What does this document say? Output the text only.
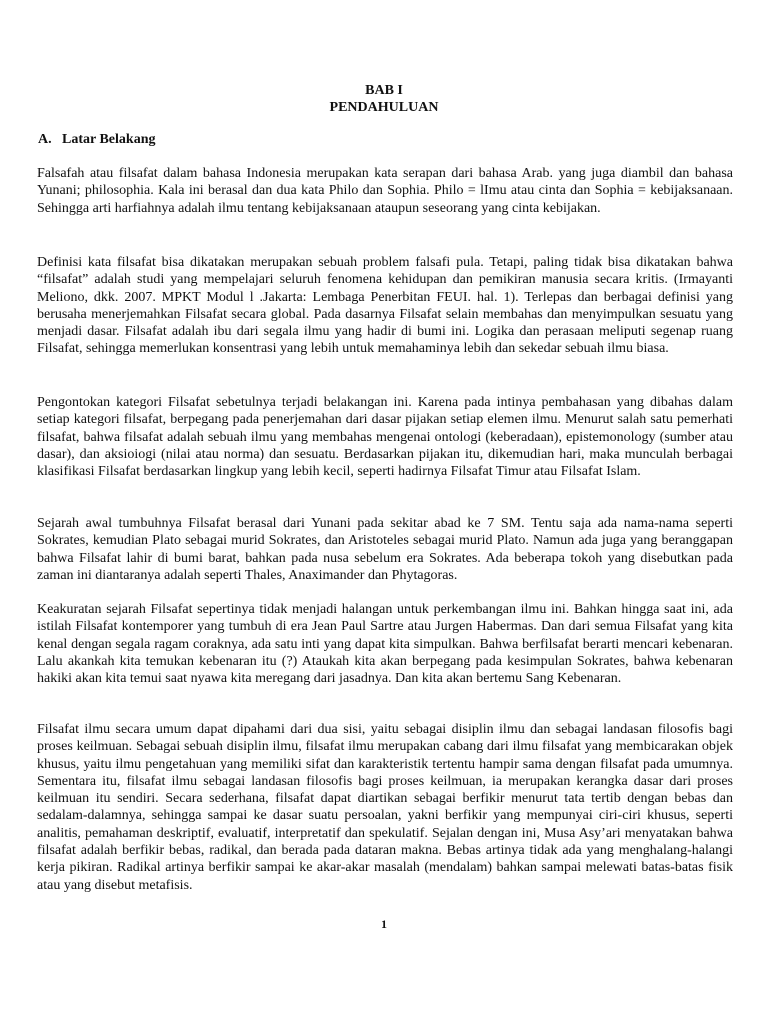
BAB I
PENDAHULUAN
A. Latar Belakang

Falsafah atau filsafat dalam bahasa Indonesia merupakan kata serapan dari bahasa Arab. yang juga diambil dan bahasa Yunani; philosophia. Kala ini berasal dan dua kata Philo dan Sophia. Philo = lImu atau cinta dan Sophia = kebijaksanaan. Sehingga arti harfiahnya adalah ilmu tentang kebijaksanaan ataupun seseorang yang cinta kebijakan.

Definisi kata filsafat bisa dikatakan merupakan sebuah problem falsafi pula. Tetapi, paling tidak bisa dikatakan bahwa “filsafat” adalah studi yang mempelajari seluruh fenomena kehidupan dan pemikiran manusia secara kritis. (Irmayanti Meliono, dkk. 2007. MPKT Modul l .Jakarta: Lembaga Penerbitan FEUI. hal. 1). Terlepas dan berbagai definisi yang berusaha menerjemahkan Filsafat secara global. Pada dasarnya Filsafat selain membahas dan menyimpulkan sesuatu yang menjadi dasar. Filsafat adalah ibu dari segala ilmu yang hadir di bumi ini. Logika dan perasaan meliputi segenap ruang Filsafat, sehingga memerlukan konsentrasi yang lebih untuk memahaminya lebih dan sekedar sebuah ilmu biasa.

Pengontokan kategori Filsafat sebetulnya terjadi belakangan ini. Karena pada intinya pembahasan yang dibahas dalam setiap kategori filsafat, berpegang pada penerjemahan dari dasar pijakan setiap elemen ilmu. Menurut salah satu pemerhati filsafat, bahwa filsafat adalah sebuah ilmu yang membahas mengenai ontologi (keberadaan), epistemonology (sumber atau dasar), dan aksioiogi (nilai atau norma) dan sesuatu. Berdasarkan pijakan itu, dikemudian hari, maka munculah berbagai klasifikasi Filsafat berdasarkan lingkup yang lebih kecil, seperti hadirnya Filsafat Timur atau Filsafat Islam.

Sejarah awal tumbuhnya Filsafat berasal dari Yunani pada sekitar abad ke 7 SM. Tentu saja ada nama-nama seperti Sokrates, kemudian Plato sebagai murid Sokrates, dan Aristoteles sebagai murid Plato. Namun ada juga yang beranggapan bahwa Filsafat lahir di bumi barat, bahkan pada nusa sebelum era Sokrates. Ada beberapa tokoh yang disebutkan pada zaman ini diantaranya adalah seperti Thales, Anaximander dan Phytagoras.

Keakuratan sejarah Filsafat sepertinya tidak menjadi halangan untuk perkembangan ilmu ini. Bahkan hingga saat ini, ada istilah Filsafat kontemporer yang tumbuh di era Jean Paul Sartre atau Jurgen Habermas. Dan dari semua Filsafat yang kita kenal dengan segala ragam coraknya, ada satu inti yang dapat kita simpulkan. Bahwa berfilsafat berarti mencari kebenaran. Lalu akankah kita temukan kebenaran itu (?) Ataukah kita akan berpegang pada kesimpulan Sokrates, bahwa kebenaran hakiki akan kita temui saat nyawa kita meregang dari jasadnya. Dan kita akan bertemu Sang Kebenaran.

Filsafat ilmu secara umum dapat dipahami dari dua sisi, yaitu sebagai disiplin ilmu dan sebagai landasan filosofis bagi proses keilmuan. Sebagai sebuah disiplin ilmu, filsafat ilmu merupakan cabang dari ilmu filsafat yang membicarakan objek khusus, yaitu ilmu pengetahuan yang memiliki sifat dan karakteristik tertentu hampir sama dengan filsafat pada umumnya. Sementara itu, filsafat ilmu sebagai landasan filosofis bagi proses keilmuan, ia merupakan kerangka dasar dari proses keilmuan itu sendiri. Secara sederhana, filsafat dapat diartikan sebagai berfikir menurut tata tertib dengan bebas dan sedalam-dalamnya, sehingga sampai ke dasar suatu persoalan, yakni berfikir yang mempunyai ciri-ciri khusus, seperti analitis, pemahaman deskriptif, evaluatif, interpretatif dan spekulatif. Sejalan dengan ini, Musa Asy’ari menyatakan bahwa filsafat adalah berfikir bebas, radikal, dan berada pada dataran makna. Bebas artinya tidak ada yang menghalang-halangi kerja pikiran. Radikal artinya berfikir sampai ke akar-akar masalah (mendalam) bahkan sampai melewati batas-batas fisik atau yang disebut metafisis.

1
